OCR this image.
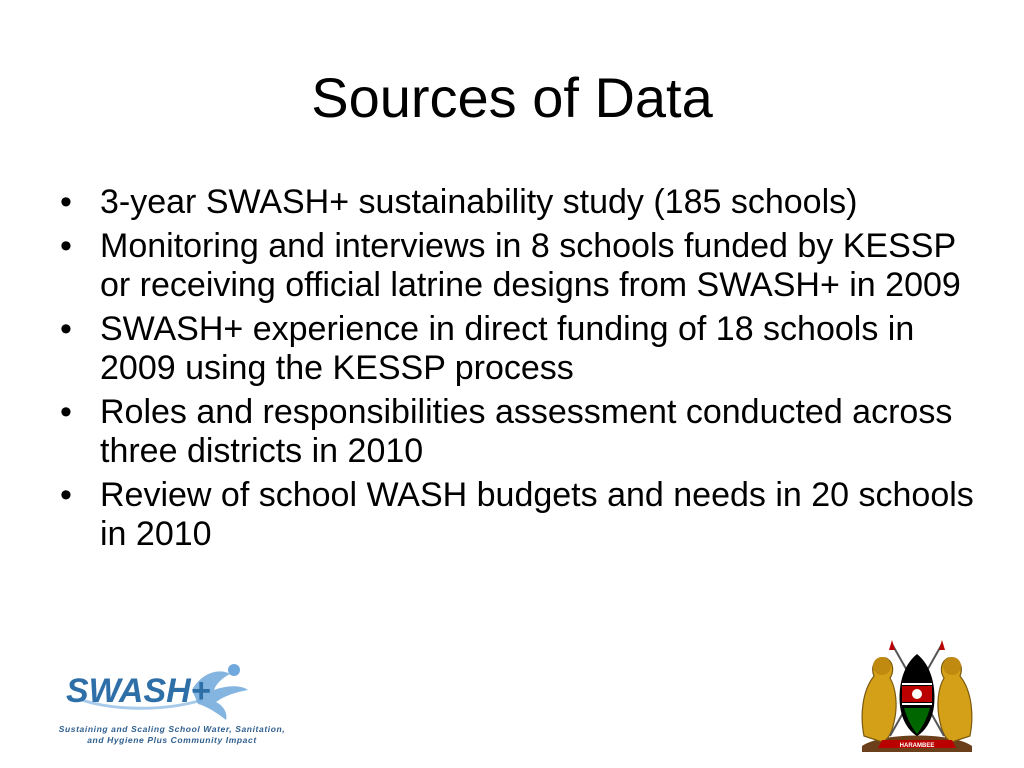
Sources of Data
• 3-year SWASH+ sustainability study (185 schools)
• Monitoring and interviews in 8 schools funded by KESSP or receiving official latrine designs from SWASH+ in 2009
• SWASH+ experience in direct funding of 18 schools in 2009 using the KESSP process
• Roles and responsibilities assessment conducted across three districts in 2010
• Review of school WASH budgets and needs in 20 schools in 2010
SWASH+
Sustaining and Scaling School Water, Sanitation,
and Hygiene Plus Community Impact
HARAMBEE
